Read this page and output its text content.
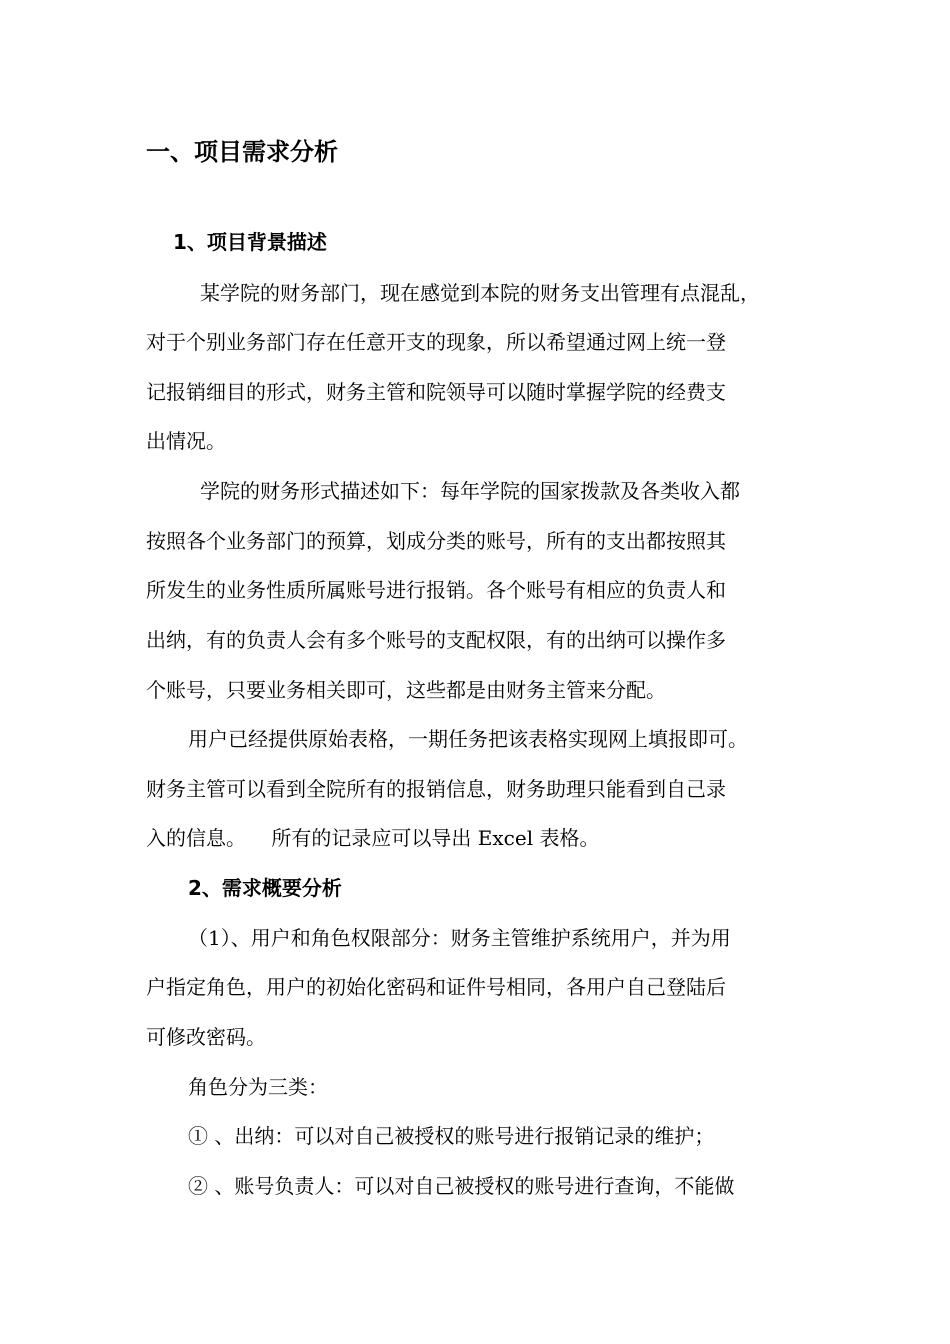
一、项目需求分析
1、项目背景描述
某学院的财务部门，现在感觉到本院的财务支出管理有点混乱，
对于个别业务部门存在任意开支的现象，所以希望通过网上统一登
记报销细目的形式，财务主管和院领导可以随时掌握学院的经费支
出情况。
学院的财务形式描述如下：每年学院的国家拨款及各类收入都
按照各个业务部门的预算，划成分类的账号，所有的支出都按照其
所发生的业务性质所属账号进行报销。各个账号有相应的负责人和
出纳，有的负责人会有多个账号的支配权限，有的出纳可以操作多
个账号，只要业务相关即可，这些都是由财务主管来分配。
用户已经提供原始表格，一期任务把该表格实现网上填报即可。
财务主管可以看到全院所有的报销信息，财务助理只能看到自己录
入的信息。    所有的记录应可以导出 Excel 表格。
2、需求概要分析
（1）、用户和角色权限部分：财务主管维护系统用户，并为用
户指定角色，用户的初始化密码和证件号相同，各用户自己登陆后
可修改密码。
角色分为三类：
① 、出纳：可以对自己被授权的账号进行报销记录的维护；
② 、账号负责人：可以对自己被授权的账号进行查询，不能做
